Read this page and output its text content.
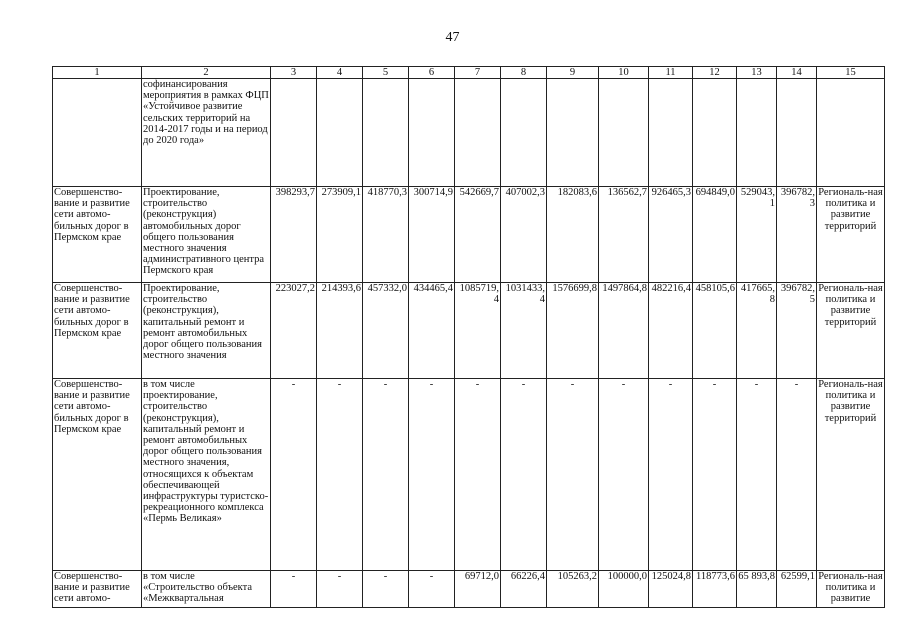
47
1	2	3	4	5	6	7	8	9	10	11	12	13	14	15
	софинансирования мероприятия в рамках ФЦП «Устойчивое развитие сельских территорий на 2014-2017 годы и на период до 2020 года»													
Совершенство-вание и развитие сети автомо-бильных дорог в Пермском крае	Проектирование, строительство (реконструкция) автомобильных дорог общего пользования местного значения административного центра Пермского края	398293,7	273909,1	418770,3	300714,9	542669,7	407002,3	182083,6	136562,7	926465,3	694849,0	529043,1	396782,3	Региональ-ная политика и развитие территорий
Совершенство-вание и развитие сети автомо-бильных дорог в Пермском крае	Проектирование, строительство (реконструкция), капитальный ремонт и ремонт автомобильных дорог общего пользования местного значения	223027,2	214393,6	457332,0	434465,4	1085719,4	1031433,4	1576699,8	1497864,8	482216,4	458105,6	417665,8	396782,5	Региональ-ная политика и развитие территорий
Совершенство-вание и развитие сети автомо-бильных дорог в Пермском крае	в том числе проектирование, строительство (реконструкция), капитальный ремонт и ремонт автомобильных дорог общего пользования местного значения, относящихся к объектам обеспечивающей инфраструктуры туристско-рекреационного комплекса «Пермь Великая»	-	-	-	-	-	-	-	-	-	-	-	-	Региональ-ная политика и развитие территорий
Совершенство-вание и развитие сети автомо-	в том числе «Строительство объекта «Межквартальная	-	-	-	-	69712,0	66226,4	105263,2	100000,0	125024,8	118773,6	65 893,8	62599,1	Региональ-ная политика и развитие
